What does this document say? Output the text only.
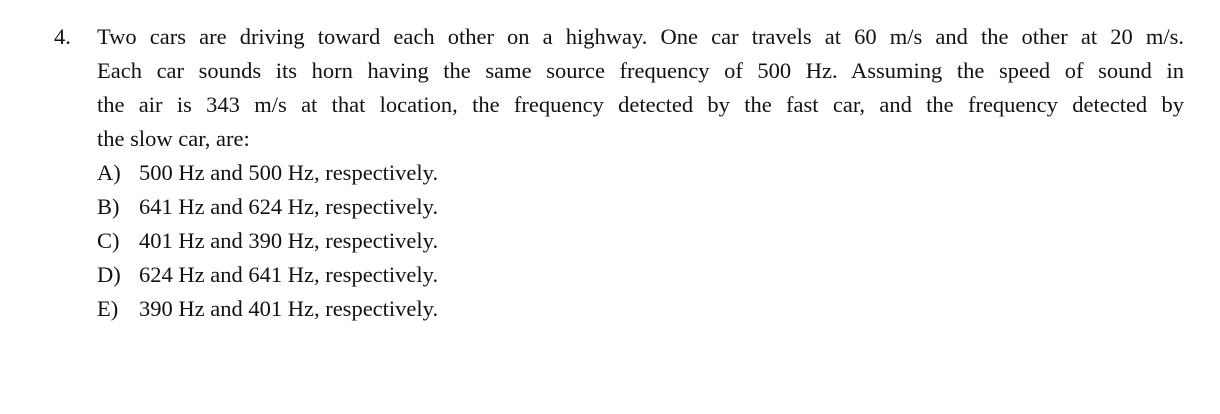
4.	Two cars are driving toward each other on a highway. One car travels at 60 m/s and the other at 20 m/s.
Each car sounds its horn having the same source frequency of 500 Hz. Assuming the speed of sound in
the air is 343 m/s at that location, the frequency detected by the fast car, and the frequency detected by
the slow car, are:
A) 500 Hz and 500 Hz, respectively.
B) 641 Hz and 624 Hz, respectively.
C) 401 Hz and 390 Hz, respectively.
D) 624 Hz and 641 Hz, respectively.
E) 390 Hz and 401 Hz, respectively.
